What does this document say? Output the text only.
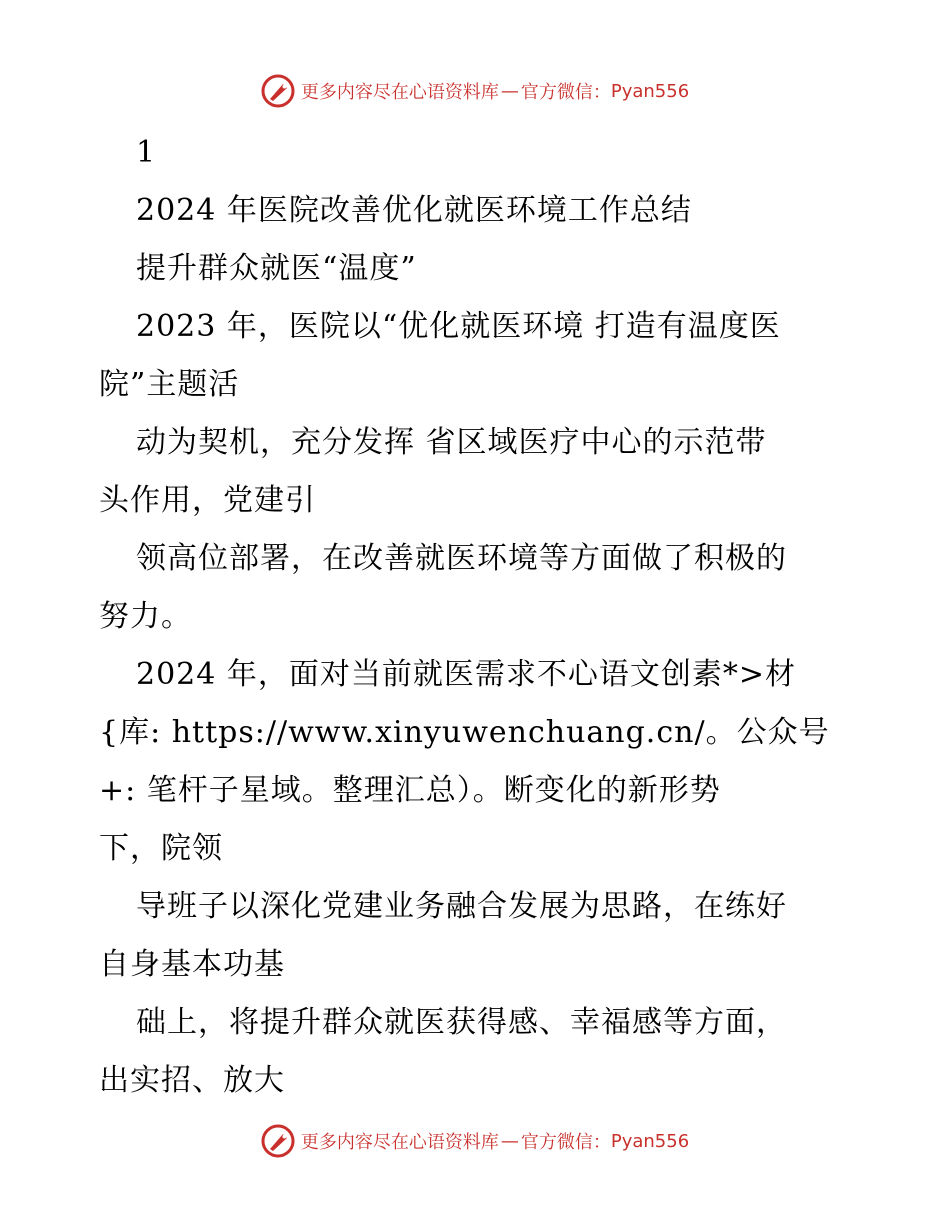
更多内容尽在心语资料库 — 官方微信： Pyan556
1
2024 年医院改善优化就医环境工作总结
提升群众就医“温度”
2023 年，医院以“优化就医环境 打造有温度医
院”主题活
动为契机，充分发挥 省区域医疗中心的示范带
头作用，党建引
领高位部署，在改善就医环境等方面做了积极的
努力。
2024 年，面对当前就医需求不心语文创素*>材
{库: https://www.xinyuwenchuang.cn/。公众号
+: 笔杆子星域。整理汇总）。断变化的新形势
下，院领
导班子以深化党建业务融合发展为思路，在练好
自身基本功基
础上，将提升群众就医获得感、幸福感等方面，
出实招、放大
更多内容尽在心语资料库 — 官方微信： Pyan556
